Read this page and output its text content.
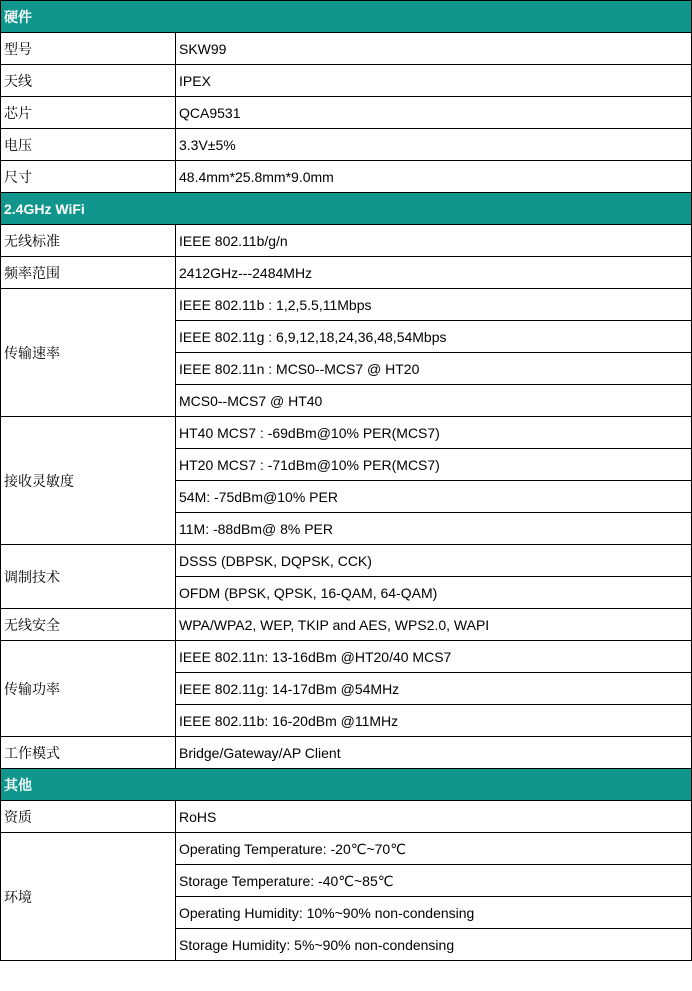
硬件	
型号	SKW99
天线	IPEX
芯片	QCA9531
电压	3.3V±5%
尺寸	48.4mm*25.8mm*9.0mm
2.4GHz WiFi	
无线标准	IEEE 802.11b/g/n
频率范围	2412GHz---2484MHz
传输速率	IEEE 802.11b : 1,2,5.5,11Mbps
	IEEE 802.11g : 6,9,12,18,24,36,48,54Mbps
	IEEE 802.11n : MCS0--MCS7 @ HT20
	MCS0--MCS7 @ HT40
接收灵敏度	HT40 MCS7 : -69dBm@10% PER(MCS7)
	HT20 MCS7 : -71dBm@10% PER(MCS7)
	54M: -75dBm@10% PER
	11M: -88dBm@ 8% PER
调制技术	DSSS (DBPSK, DQPSK, CCK)
	OFDM (BPSK, QPSK, 16-QAM, 64-QAM)
无线安全	WPA/WPA2, WEP, TKIP and AES, WPS2.0, WAPI
传输功率	IEEE 802.11n: 13-16dBm @HT20/40 MCS7
	IEEE 802.11g: 14-17dBm @54MHz
	IEEE 802.11b: 16-20dBm @11MHz
工作模式	Bridge/Gateway/AP Client
其他	
资质	RoHS
环境	Operating Temperature: -20℃~70℃
	Storage Temperature: -40℃~85℃
	Operating Humidity: 10%~90% non-condensing
	Storage Humidity: 5%~90% non-condensing
